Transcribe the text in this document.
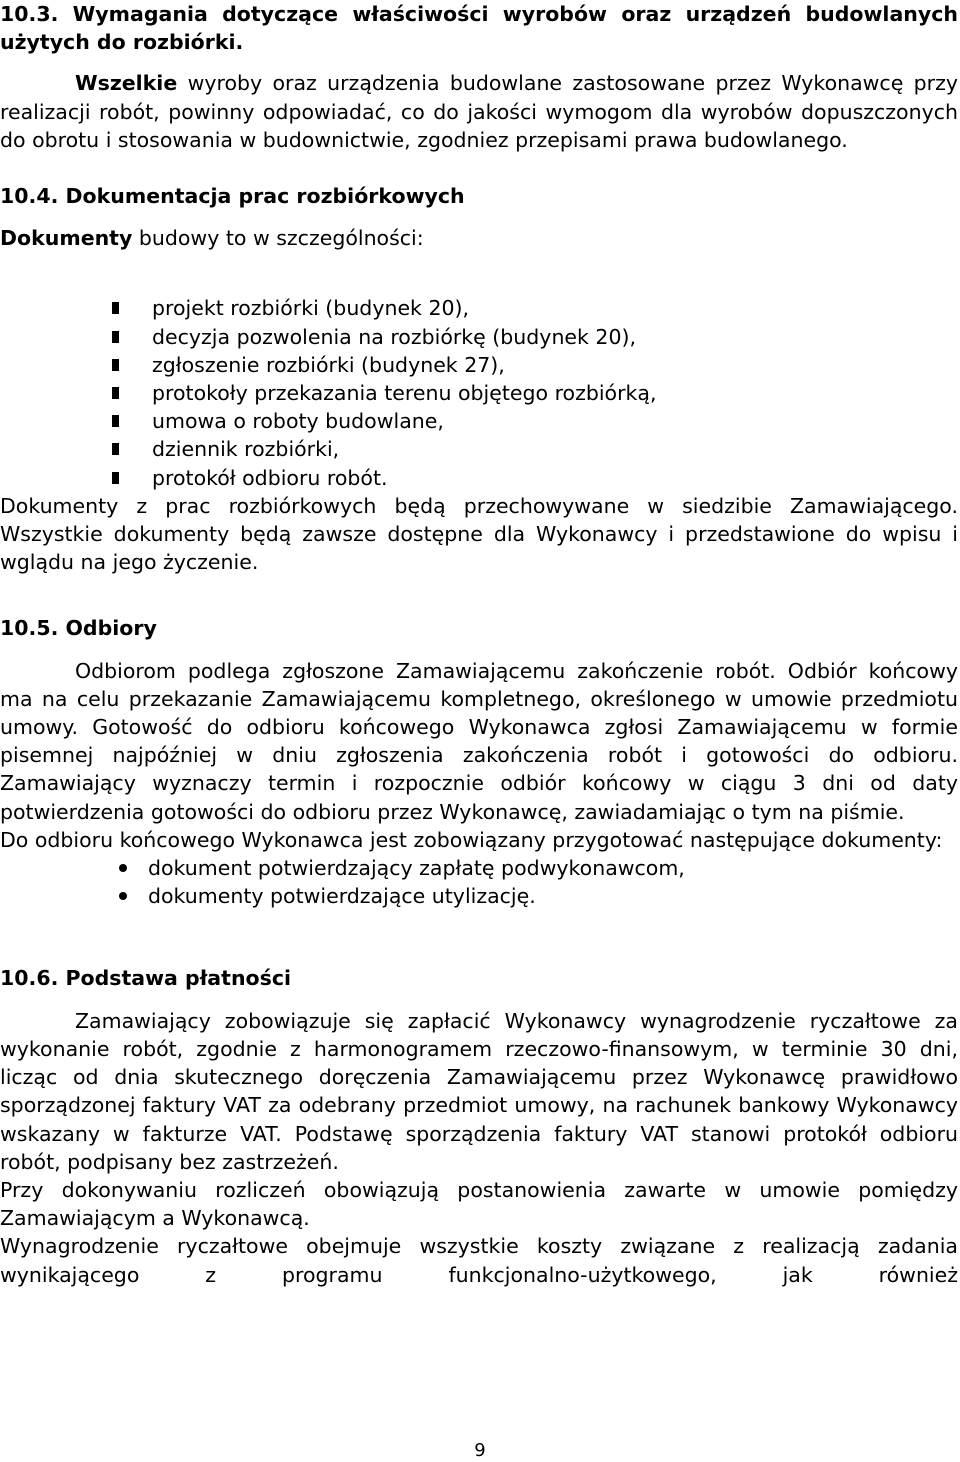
10.3. Wymagania dotyczące właściwości wyrobów oraz urządzeń budowlanych użytych do rozbiórki.

Wszelkie wyroby oraz urządzenia budowlane zastosowane przez Wykonawcę przy realizacji robót, powinny odpowiadać, co do jakości wymogom dla wyrobów dopuszczonych do obrotu i stosowania w budownictwie, zgodniez przepisami prawa budowlanego.

10.4. Dokumentacja prac rozbiórkowych

Dokumenty budowy to w szczególności:

projekt rozbiórki (budynek 20),
decyzja pozwolenia na rozbiórkę (budynek 20),
zgłoszenie rozbiórki (budynek 27),
protokoły przekazania terenu objętego rozbiórką,
umowa o roboty budowlane,
dziennik rozbiórki,
protokół odbioru robót.

Dokumenty z prac rozbiórkowych będą przechowywane w siedzibie Zamawiającego. Wszystkie dokumenty będą zawsze dostępne dla Wykonawcy i przedstawione do wpisu i wglądu na jego życzenie.

10.5. Odbiory

Odbiorom podlega zgłoszone Zamawiającemu zakończenie robót. Odbiór końcowy ma na celu przekazanie Zamawiającemu kompletnego, określonego w umowie przedmiotu umowy. Gotowość do odbioru końcowego Wykonawca zgłosi Zamawiającemu w formie pisemnej najpóźniej w dniu zgłoszenia zakończenia robót i gotowości do odbioru. Zamawiający wyznaczy termin i rozpocznie odbiór końcowy w ciągu 3 dni od daty potwierdzenia gotowości do odbioru przez Wykonawcę, zawiadamiając o tym na piśmie.

Do odbioru końcowego Wykonawca jest zobowiązany przygotować następujące dokumenty:

dokument potwierdzający zapłatę podwykonawcom,
dokumenty potwierdzające utylizację.
10.6. Podstawa płatności

Zamawiający zobowiązuje się zapłacić Wykonawcy wynagrodzenie ryczałtowe za wykonanie robót, zgodnie z harmonogramem rzeczowo-finansowym, w terminie 30 dni, licząc od dnia skutecznego doręczenia Zamawiającemu przez Wykonawcę prawidłowo sporządzonej faktury VAT za odebrany przedmiot umowy, na rachunek bankowy Wykonawcy wskazany w fakturze VAT. Podstawę sporządzenia faktury VAT stanowi protokół odbioru robót, podpisany bez zastrzeżeń.

Przy dokonywaniu rozliczeń obowiązują postanowienia zawarte w umowie pomiędzy Zamawiającym a Wykonawcą.

Wynagrodzenie ryczałtowe obejmuje wszystkie koszty związane z realizacją zadania wynikającego z programu funkcjonalno-użytkowego, jak również

9
